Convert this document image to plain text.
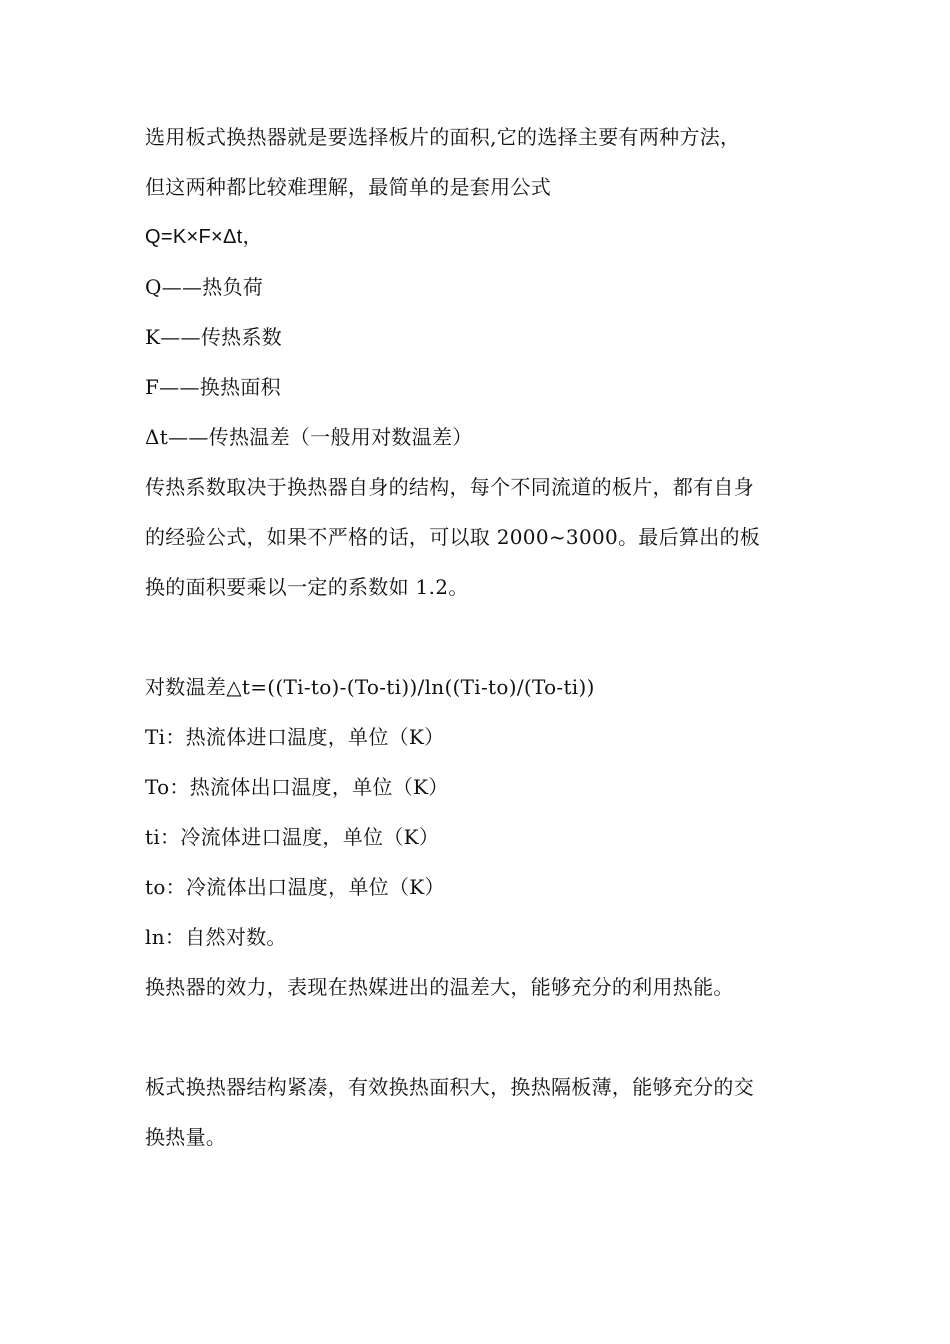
选用板式换热器就是要选择板片的面积,它的选择主要有两种方法，
但这两种都比较难理解，最简单的是套用公式
Q=K×F×Δt，
Q——热负荷
K——传热系数
F——换热面积
Δt——传热温差（一般用对数温差）
传热系数取决于换热器自身的结构，每个不同流道的板片，都有自身
的经验公式，如果不严格的话，可以取 2000~3000。最后算出的板
换的面积要乘以一定的系数如 1.2。
对数温差△t=((Ti-to)-(To-ti))/ln((Ti-to)/(To-ti))
Ti：热流体进口温度，单位（K）
To：热流体出口温度，单位（K）
ti：冷流体进口温度，单位（K）
to：冷流体出口温度，单位（K）
ln：自然对数。
换热器的效力，表现在热媒进出的温差大，能够充分的利用热能。
板式换热器结构紧凑，有效换热面积大，换热隔板薄，能够充分的交
换热量。
